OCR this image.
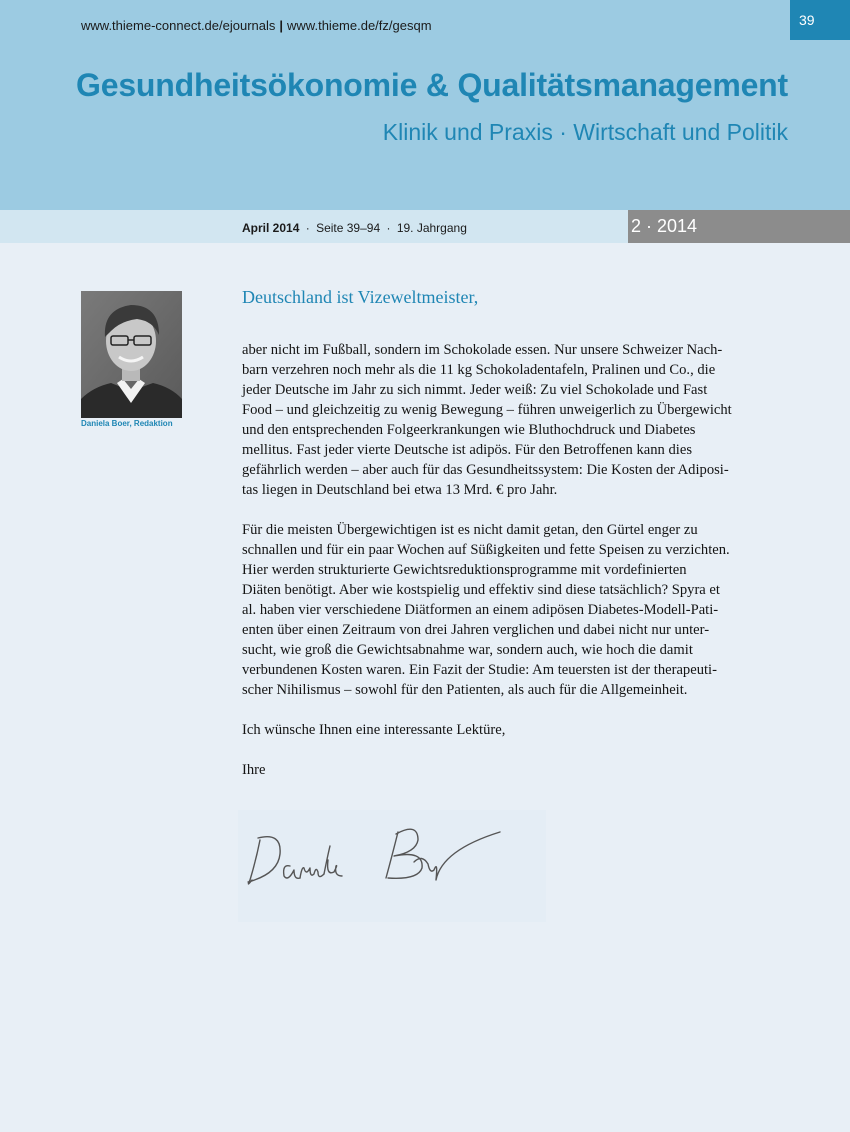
www.thieme-connect.de/ejournals | www.thieme.de/fz/gesqm	39
Gesundheitsökonomie & Qualitätsmanagement
Klinik und Praxis · Wirtschaft und Politik
April 2014 · Seite 39–94 · 19. Jahrgang	2 · 2014
Daniela Boer, Redaktion
Deutschland ist Vizeweltmeister,

aber nicht im Fußball, sondern im Schokolade essen. Nur unsere Schweizer Nach-
barn verzehren noch mehr als die 11 kg Schokoladentafeln, Pralinen und Co., die
jeder Deutsche im Jahr zu sich nimmt. Jeder weiß: Zu viel Schokolade und Fast
Food – und gleichzeitig zu wenig Bewegung – führen unweigerlich zu Übergewicht
und den entsprechenden Folgeerkrankungen wie Bluthochdruck und Diabetes
mellitus. Fast jeder vierte Deutsche ist adipös. Für den Betroffenen kann dies
gefährlich werden – aber auch für das Gesundheitssystem: Die Kosten der Adiposi-
tas liegen in Deutschland bei etwa 13 Mrd. € pro Jahr.

Für die meisten Übergewichtigen ist es nicht damit getan, den Gürtel enger zu
schnallen und für ein paar Wochen auf Süßigkeiten und fette Speisen zu verzichten.
Hier werden strukturierte Gewichtsreduktionsprogramme mit vordefinierten
Diäten benötigt. Aber wie kostspielig und effektiv sind diese tatsächlich? Spyra et
al. haben vier verschiedene Diätformen an einem adipösen Diabetes-Modell-Pati-
enten über einen Zeitraum von drei Jahren verglichen und dabei nicht nur unter-
sucht, wie groß die Gewichtsabnahme war, sondern auch, wie hoch die damit
verbundenen Kosten waren. Ein Fazit der Studie: Am teuersten ist der therapeuti-
scher Nihilismus – sowohl für den Patienten, als auch für die Allgemeinheit.

Ich wünsche Ihnen eine interessante Lektüre,

Ihre
